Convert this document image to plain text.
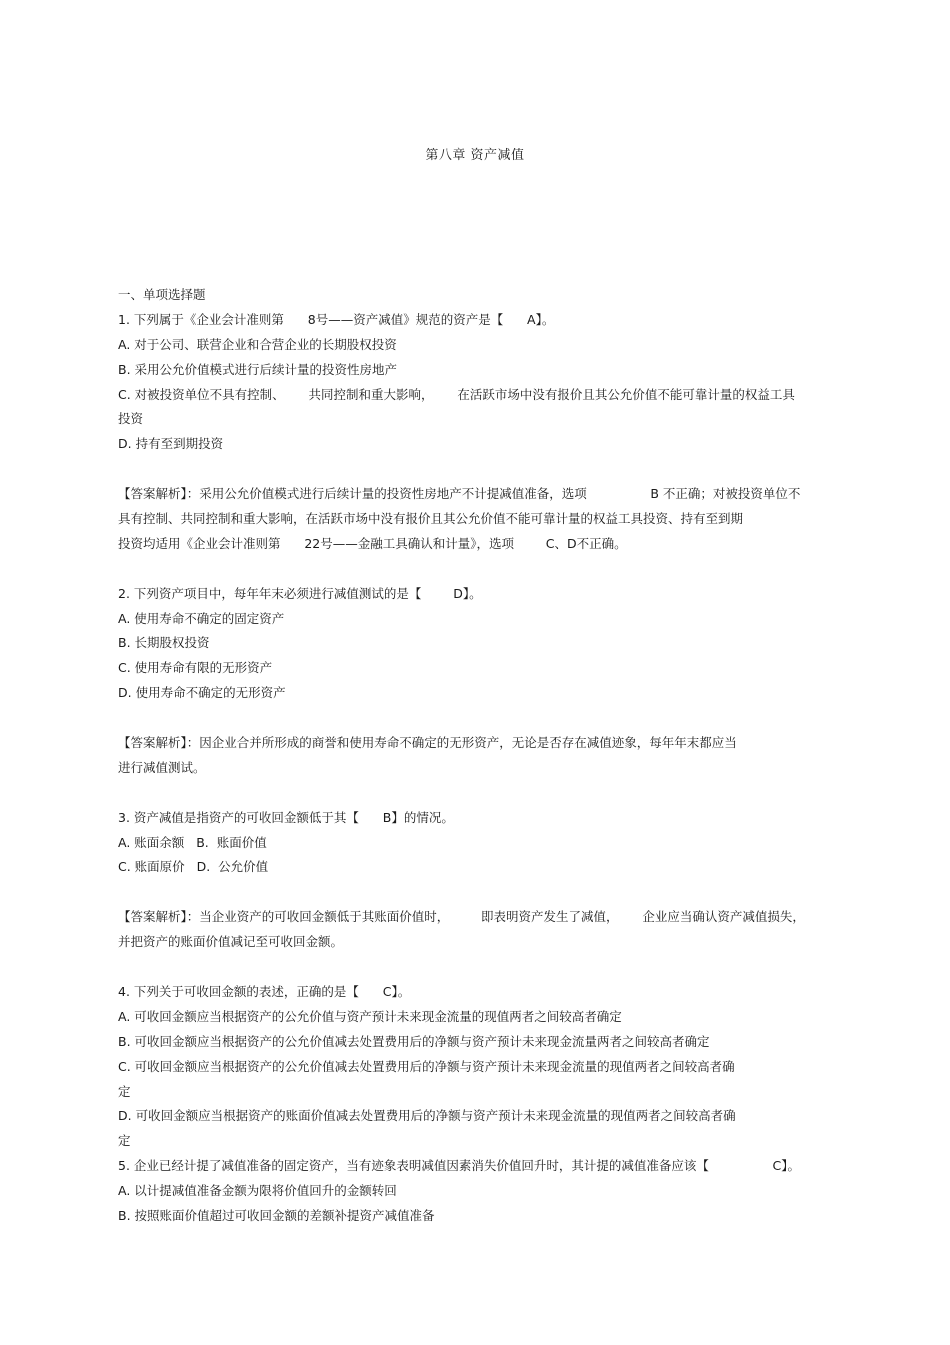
第八章 资产减值
一、单项选择题
1. 下列属于《企业会计准则第      8号——资产减值》规范的资产是【      A】。
A. 对于公司、联营企业和合营企业的长期股权投资
B. 采用公允价值模式进行后续计量的投资性房地产
C. 对被投资单位不具有控制、      共同控制和重大影响，      在活跃市场中没有报价且其公允价值不能可靠计量的权益工具
投资
D. 持有至到期投资
【答案解析】：采用公允价值模式进行后续计量的投资性房地产不计提减值准备，选项                B 不正确；对被投资单位不
具有控制、共同控制和重大影响，在活跃市场中没有报价且其公允价值不能可靠计量的权益工具投资、持有至到期
投资均适用《企业会计准则第      22号——金融工具确认和计量》，选项        C、D不正确。
2. 下列资产项目中，每年年末必须进行减值测试的是【        D】。
A. 使用寿命不确定的固定资产
B. 长期股权投资
C. 使用寿命有限的无形资产
D. 使用寿命不确定的无形资产
【答案解析】：因企业合并所形成的商誉和使用寿命不确定的无形资产，无论是否存在减值迹象，每年年末都应当
进行减值测试。
3. 资产减值是指资产的可收回金额低于其【      B】的情况。
A. 账面余额   B.  账面价值
C. 账面原价   D.  公允价值
【答案解析】：当企业资产的可收回金额低于其账面价值时，        即表明资产发生了减值，      企业应当确认资产减值损失，
并把资产的账面价值减记至可收回金额。
4. 下列关于可收回金额的表述，正确的是【      C】。
A. 可收回金额应当根据资产的公允价值与资产预计未来现金流量的现值两者之间较高者确定
B. 可收回金额应当根据资产的公允价值减去处置费用后的净额与资产预计未来现金流量两者之间较高者确定
C. 可收回金额应当根据资产的公允价值减去处置费用后的净额与资产预计未来现金流量的现值两者之间较高者确
定
D. 可收回金额应当根据资产的账面价值减去处置费用后的净额与资产预计未来现金流量的现值两者之间较高者确
定
5. 企业已经计提了减值准备的固定资产，当有迹象表明减值因素消失价值回升时，其计提的减值准备应该【                C】。
A. 以计提减值准备金额为限将价值回升的金额转回
B. 按照账面价值超过可收回金额的差额补提资产减值准备
